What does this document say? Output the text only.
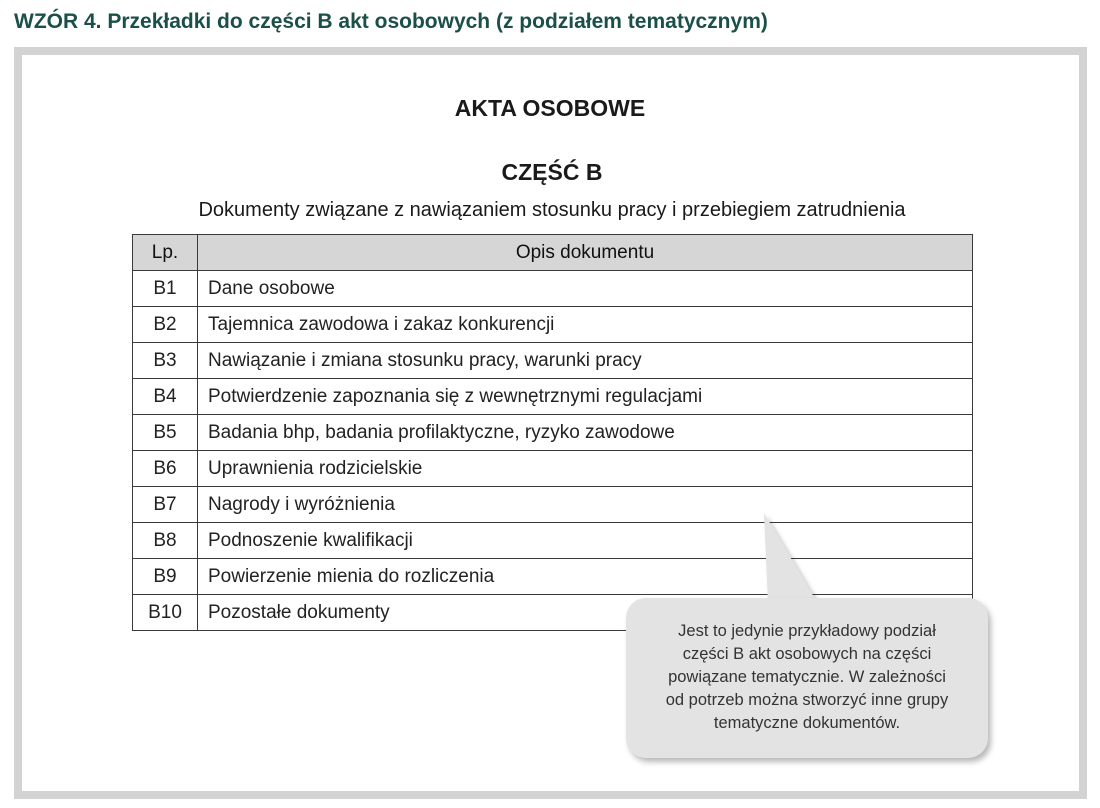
WZÓR 4. Przekładki do części B akt osobowych (z podziałem tematycznym)
AKTA OSOBOWE
CZĘŚĆ B
Dokumenty związane z nawiązaniem stosunku pracy i przebiegiem zatrudnienia
Lp.	Opis dokumentu
B1	Dane osobowe
B2	Tajemnica zawodowa i zakaz konkurencji
B3	Nawiązanie i zmiana stosunku pracy, warunki pracy
B4	Potwierdzenie zapoznania się z wewnętrznymi regulacjami
B5	Badania bhp, badania profilaktyczne, ryzyko zawodowe
B6	Uprawnienia rodzicielskie
B7	Nagrody i wyróżnienia
B8	Podnoszenie kwalifikacji
B9	Powierzenie mienia do rozliczenia
B10	Pozostałe dokumenty
Jest to jedynie przykładowy podział
części B akt osobowych na części
powiązane tematycznie. W zależności
od potrzeb można stworzyć inne grupy
tematyczne dokumentów.
